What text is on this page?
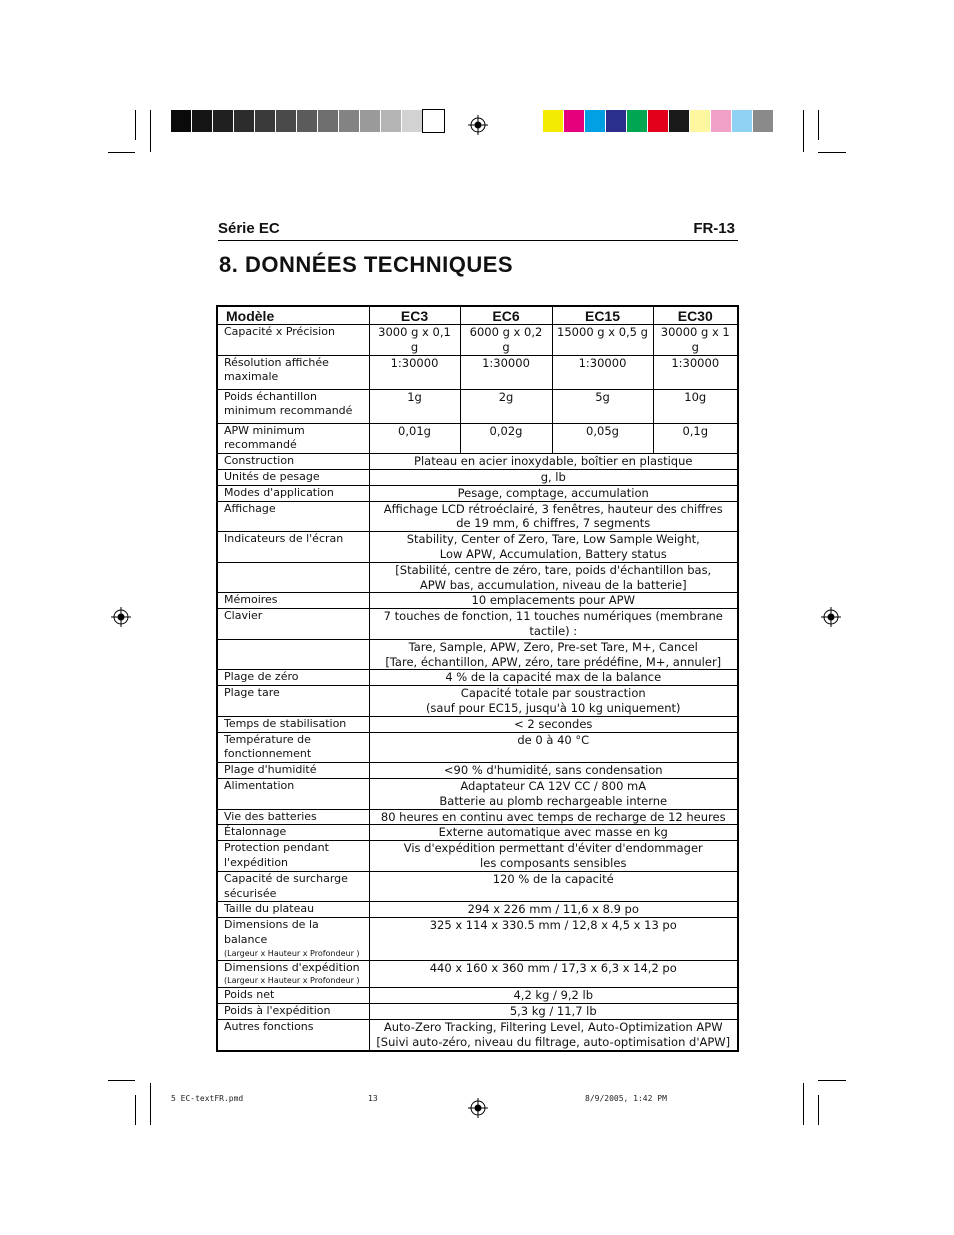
Série EC	FR-13
8. DONNÉES TECHNIQUES
Modèle	EC3	EC6	EC15	EC30
Capacité x Précision	3000 g x 0,1 g	6000 g x 0,2 g	15000 g x 0,5 g	30000 g x 1 g
Résolution affichée maximale	1:30000	1:30000	1:30000	1:30000
Poids échantillon minimum recommandé	1g	2g	5g	10g
APW minimum recommandé	0,01g	0,02g	0,05g	0,1g
Construction	Plateau en acier inoxydable, boîtier en plastique			
Unités de pesage	g, lb			
Modes d'application	Pesage, comptage, accumulation			
Affichage	Affichage LCD rétroéclairé, 3 fenêtres, hauteur des chiffres
de 19 mm, 6 chiffres, 7 segments			
Indicateurs de l'écran	Stability, Center of Zero, Tare, Low Sample Weight,
Low APW, Accumulation, Battery status			
	[Stabilité, centre de zéro, tare, poids d'échantillon bas,
APW bas, accumulation, niveau de la batterie]			
Mémoires	10 emplacements pour APW			
Clavier	7 touches de fonction, 11 touches numériques (membrane tactile) :			
	Tare, Sample, APW, Zero, Pre-set Tare, M+, Cancel
[Tare, échantillon, APW, zéro, tare prédéfine, M+, annuler]			
Plage de zéro	4 % de la capacité max de la balance			
Plage tare	Capacité totale par soustraction
(sauf pour EC15, jusqu'à 10 kg uniquement)			
Temps de stabilisation	< 2 secondes			
Température de fonctionnement	de 0 à 40 °C			
Plage d'humidité	<90 % d'humidité, sans condensation			
Alimentation	Adaptateur CA 12V CC / 800 mA
Batterie au plomb rechargeable interne			
Vie des batteries	80 heures en continu avec temps de recharge de 12 heures			
Étalonnage	Externe automatique avec masse en kg			
Protection pendant l'expédition	Vis d'expédition permettant d'éviter d'endommager
les composants sensibles			
Capacité de surcharge sécurisée	120 % de la capacité			
Taille du plateau	294 x 226 mm / 11,6 x 8.9 po			
Dimensions de la balance
(Largeur x Hauteur x Profondeur )	325 x 114 x 330.5 mm / 12,8 x 4,5 x 13 po			
Dimensions d'expédition
(Largeur x Hauteur x Profondeur )	440 x 160 x 360 mm / 17,3 x 6,3 x 14,2 po			
Poids net	4,2 kg / 9,2 lb			
Poids à l'expédition	5,3 kg / 11,7 lb			
Autres fonctions	Auto-Zero Tracking, Filtering Level, Auto-Optimization APW
[Suivi auto-zéro, niveau du filtrage, auto-optimisation d'APW]			
5 EC-textFR.pmd	13	8/9/2005, 1:42 PM
